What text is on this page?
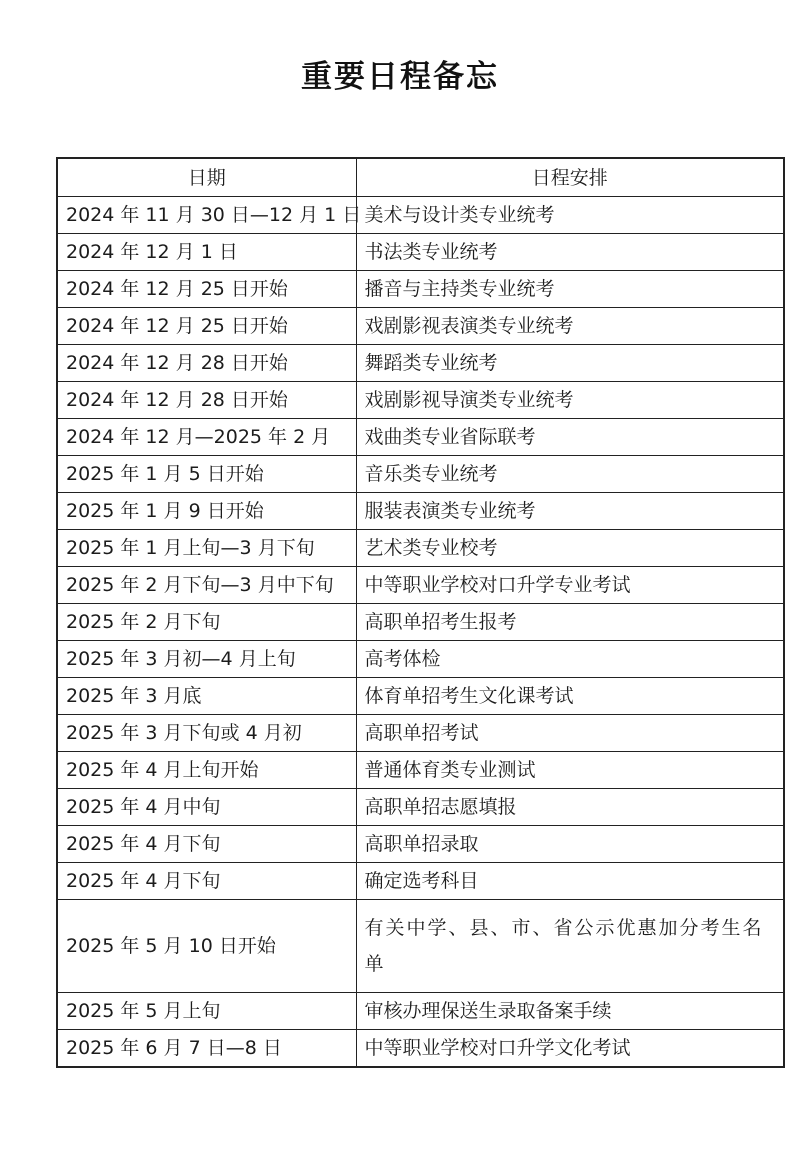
重要日程备忘
日期	日程安排
2024 年 11 月 30 日—12 月 1 日	美术与设计类专业统考
2024 年 12 月 1 日	书法类专业统考
2024 年 12 月 25 日开始	播音与主持类专业统考
2024 年 12 月 25 日开始	戏剧影视表演类专业统考
2024 年 12 月 28 日开始	舞蹈类专业统考
2024 年 12 月 28 日开始	戏剧影视导演类专业统考
2024 年 12 月—2025 年 2 月	戏曲类专业省际联考
2025 年 1 月 5 日开始	音乐类专业统考
2025 年 1 月 9 日开始	服装表演类专业统考
2025 年 1 月上旬—3 月下旬	艺术类专业校考
2025 年 2 月下旬—3 月中下旬	中等职业学校对口升学专业考试
2025 年 2 月下旬	高职单招考生报考
2025 年 3 月初—4 月上旬	高考体检
2025 年 3 月底	体育单招考生文化课考试
2025 年 3 月下旬或 4 月初	高职单招考试
2025 年 4 月上旬开始	普通体育类专业测试
2025 年 4 月中旬	高职单招志愿填报
2025 年 4 月下旬	高职单招录取
2025 年 4 月下旬	确定选考科目
2025 年 5 月 10 日开始	有关中学、县、市、省公示优惠加分考生名单
2025 年 5 月上旬	审核办理保送生录取备案手续
2025 年 6 月 7 日—8 日	中等职业学校对口升学文化考试
